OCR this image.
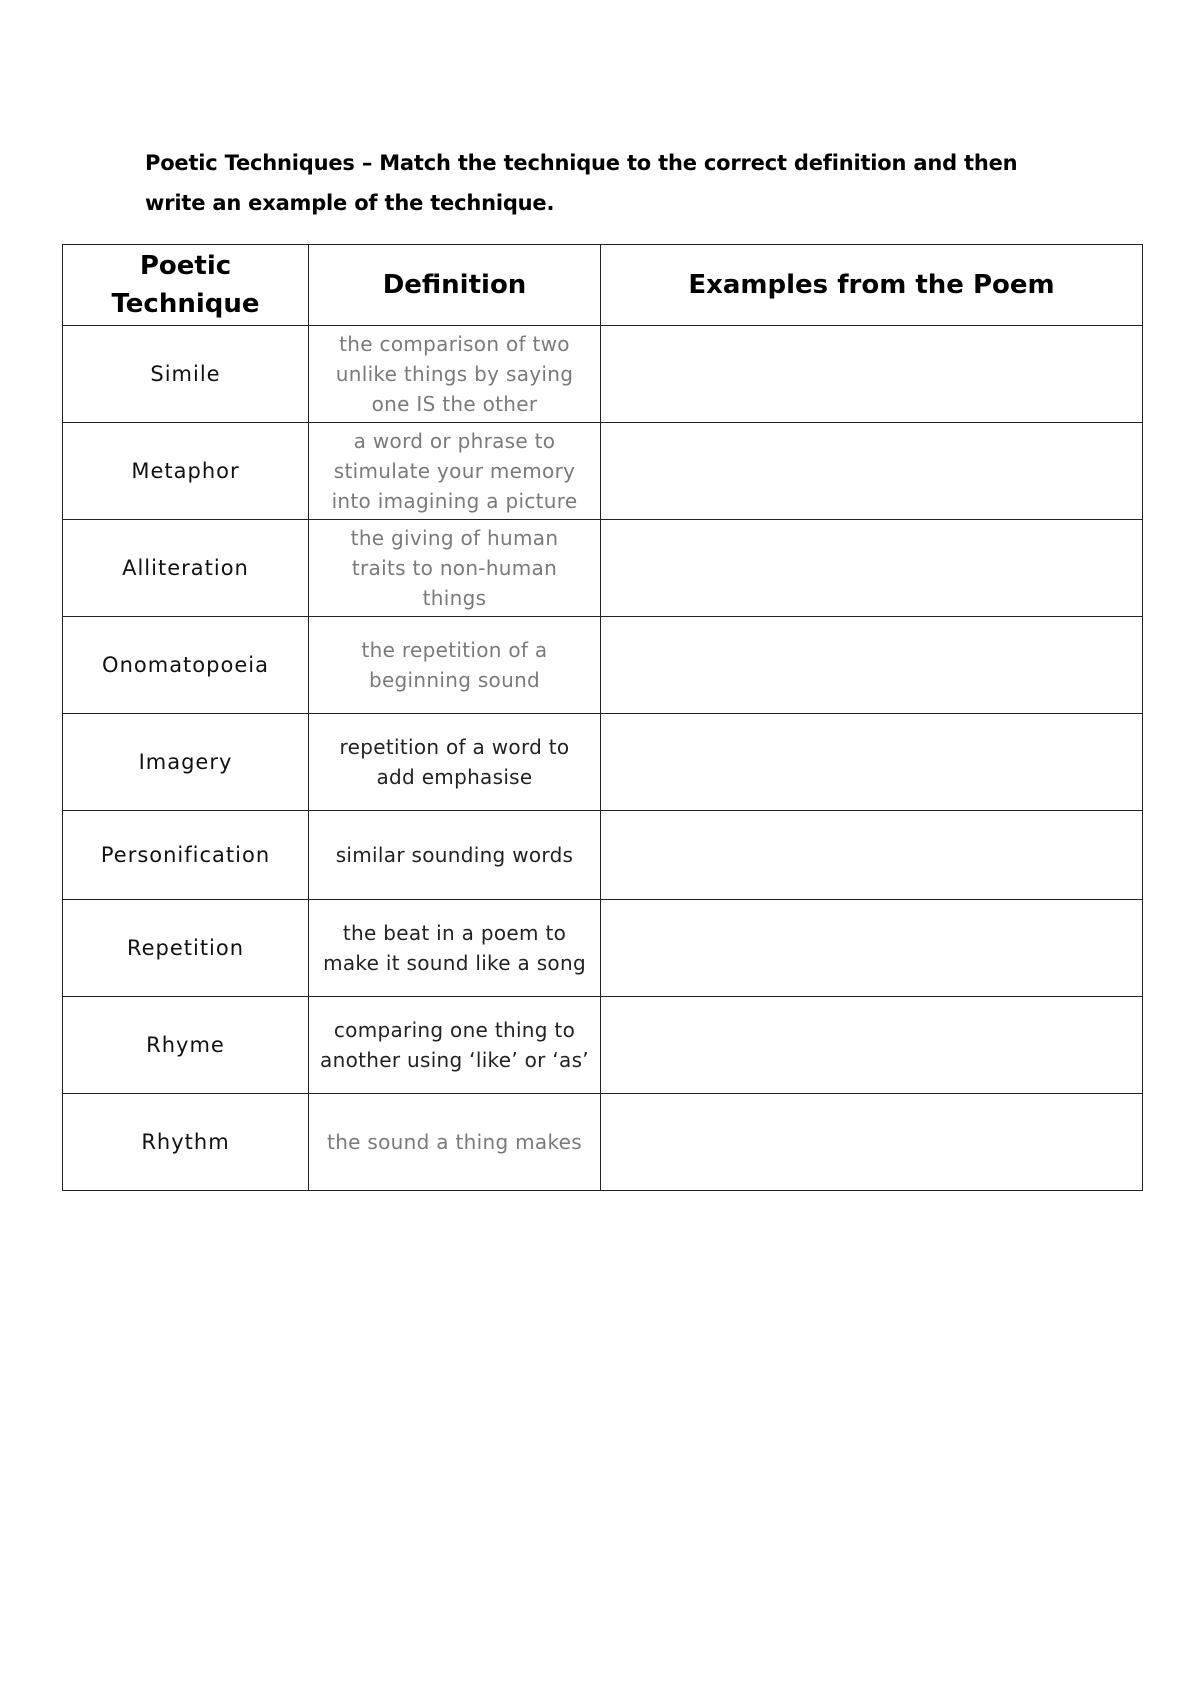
Poetic Techniques – Match the technique to the correct definition and then write an example of the technique.
Poetic Technique	Definition	Examples from the Poem
Simile	the comparison of two unlike things by saying one IS the other	
Metaphor	a word or phrase to stimulate your memory into imagining a picture	
Alliteration	the giving of human traits to non-human things	
Onomatopoeia	the repetition of a beginning sound	
Imagery	repetition of a word to add emphasise	
Personification	similar sounding words	
Repetition	the beat in a poem to make it sound like a song	
Rhyme	comparing one thing to another using ‘like’ or ‘as’	
Rhythm	the sound a thing makes	
